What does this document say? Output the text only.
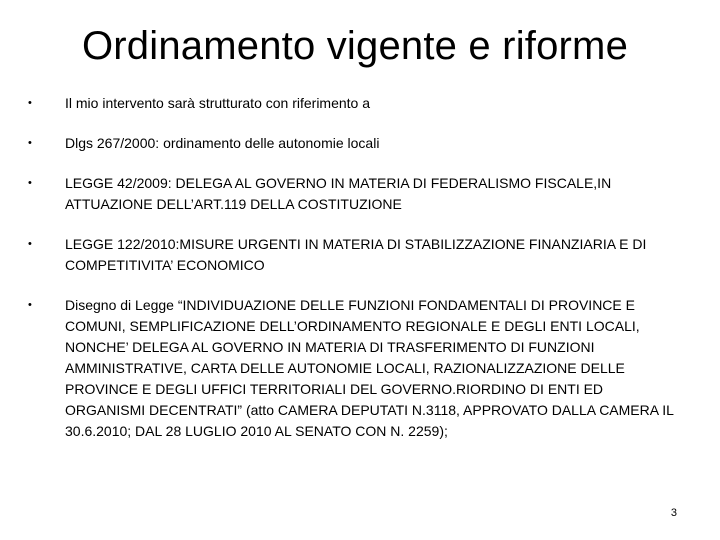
Ordinamento vigente e riforme
• Il mio intervento sarà strutturato con riferimento a
• Dlgs 267/2000: ordinamento delle autonomie locali
• LEGGE 42/2009: DELEGA AL GOVERNO IN MATERIA DI FEDERALISMO FISCALE,IN ATTUAZIONE DELL’ART.119 DELLA COSTITUZIONE
• LEGGE 122/2010:MISURE URGENTI IN MATERIA DI STABILIZZAZIONE FINANZIARIA E DI COMPETITIVITA’ ECONOMICO
• Disegno di Legge “INDIVIDUAZIONE DELLE FUNZIONI FONDAMENTALI DI PROVINCE E COMUNI, SEMPLIFICAZIONE DELL’ORDINAMENTO REGIONALE E DEGLI ENTI LOCALI, NONCHE’ DELEGA AL GOVERNO IN MATERIA DI TRASFERIMENTO DI FUNZIONI AMMINISTRATIVE, CARTA DELLE AUTONOMIE LOCALI, RAZIONALIZZAZIONE DELLE PROVINCE E DEGLI UFFICI TERRITORIALI DEL GOVERNO.RIORDINO DI ENTI ED ORGANISMI DECENTRATI” (atto CAMERA DEPUTATI N.3118, APPROVATO DALLA CAMERA IL 30.6.2010; DAL 28 LUGLIO 2010 AL SENATO CON N. 2259);
3
